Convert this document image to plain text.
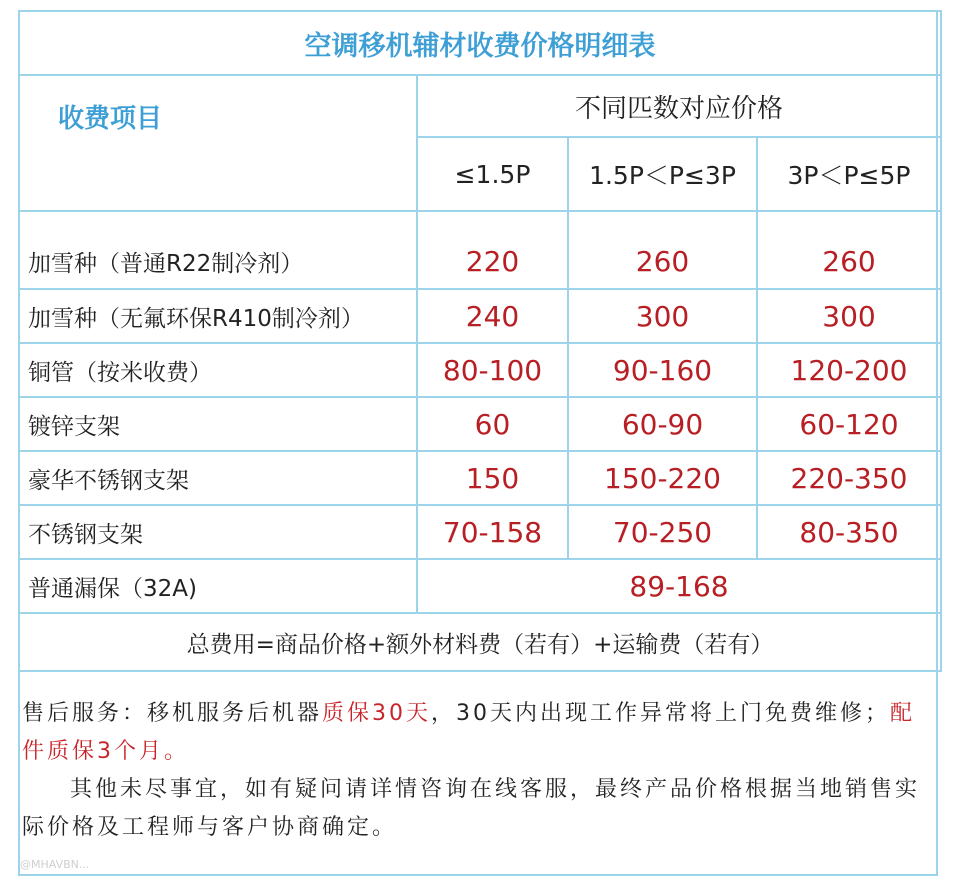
空调移机辅材收费价格明细表			

收费项目	不同匹数对应价格		
	≤1.5P	1.5P＜P≤3P	3P＜P≤5P
加雪种（普通R22制冷剂）	220	260	260
加雪种（无氟环保R410制冷剂）	240	300	300
铜管（按米收费）	80-100	90-160	120-200
镀锌支架	60	60-90	60-120
豪华不锈钢支架	150	150-220	220-350
不锈钢支架	70-158	70-250	80-350
普通漏保（32A)	89-168		
总费用=商品价格+额外材料费（若有）+运输费（若有）			

售后服务：移机服务后机器质保30天，30天内出现工作异常将上门免费维修；配件质保3个月。

其他未尽事宜，如有疑问请详情咨询在线客服，最终产品价格根据当地销售实际价格及工程师与客户协商确定。

@MHAVBN...
